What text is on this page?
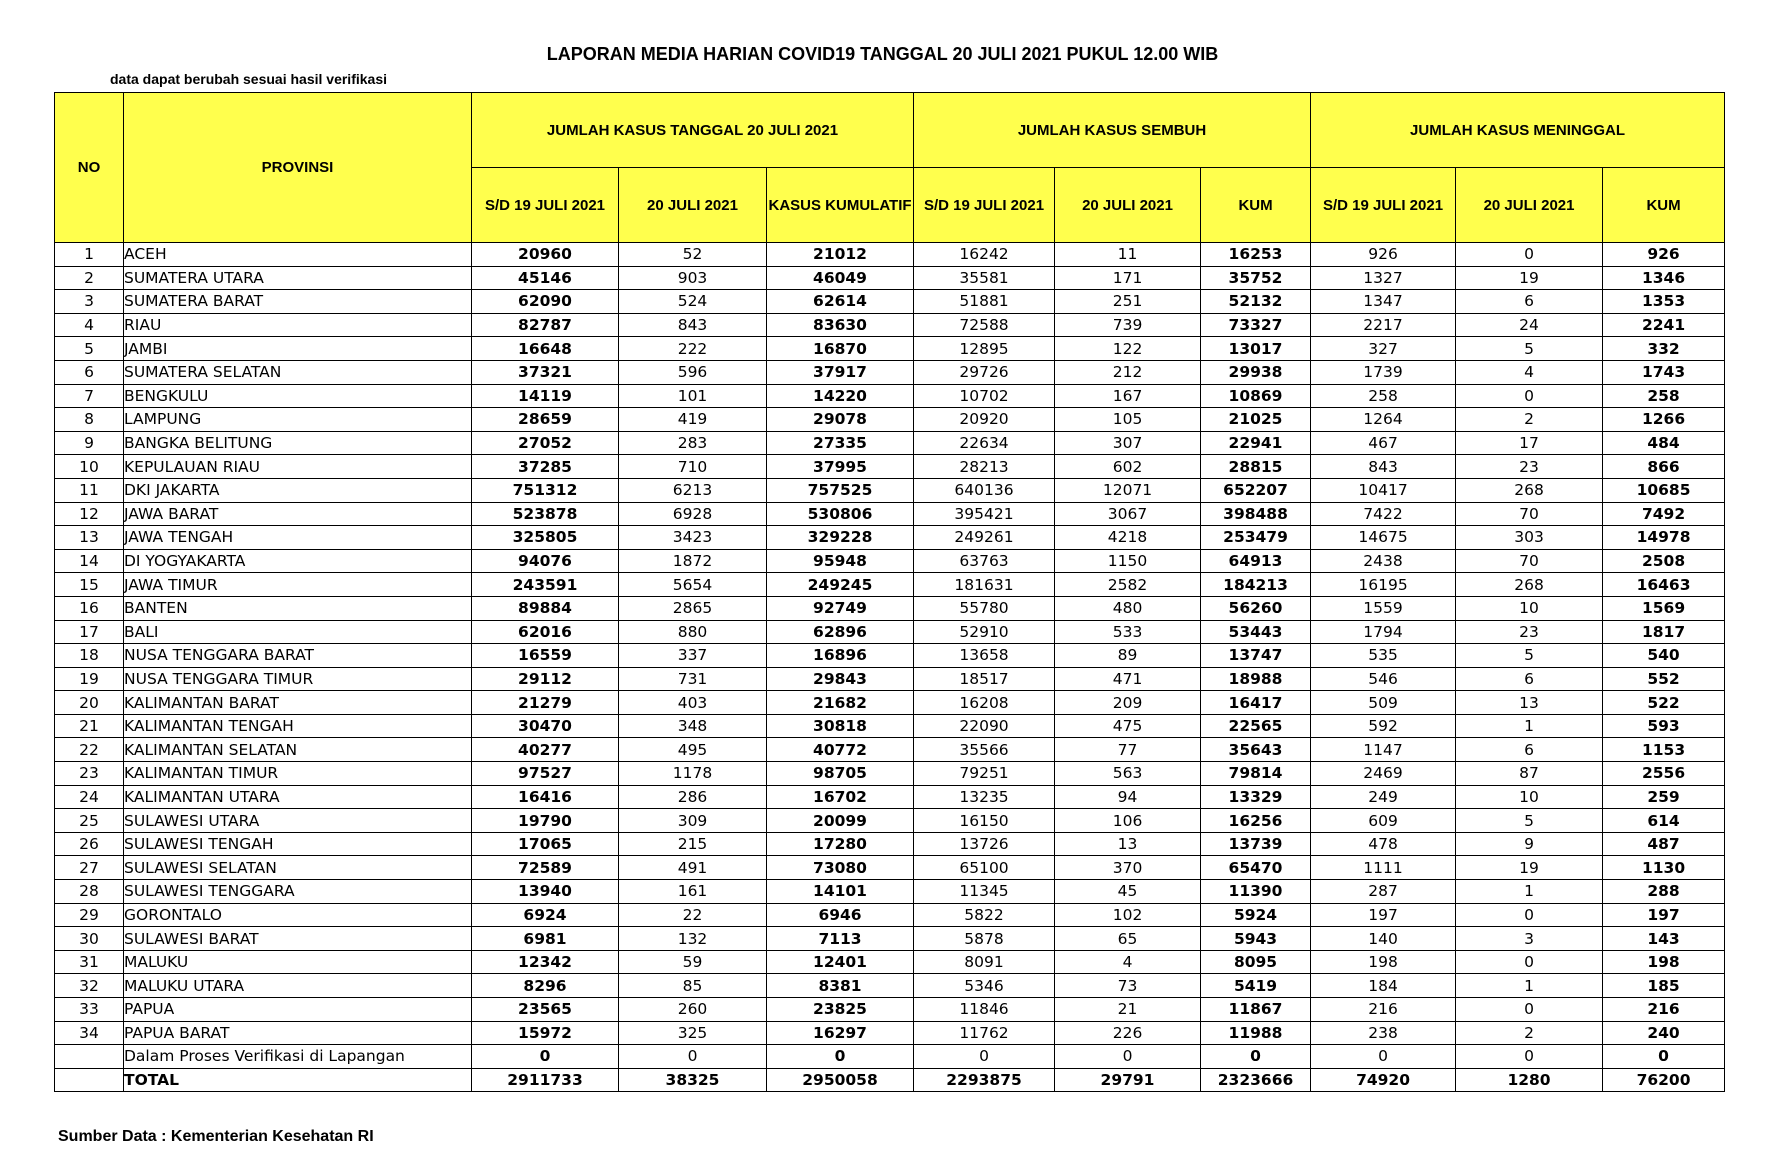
LAPORAN MEDIA HARIAN COVID19 TANGGAL 20 JULI 2021 PUKUL 12.00 WIB
data dapat berubah sesuai hasil verifikasi
NO	PROVINSI	JUMLAH KASUS TANGGAL 20 JULI 2021			JUMLAH KASUS SEMBUH			JUMLAH KASUS MENINGGAL		
		S/D 19 JULI 2021	20 JULI 2021	KASUS KUMULATIF	S/D 19 JULI 2021	20 JULI 2021	KUM	S/D 19 JULI 2021	20 JULI 2021	KUM
1	ACEH	20960	52	21012	16242	11	16253	926	0	926
2	SUMATERA UTARA	45146	903	46049	35581	171	35752	1327	19	1346
3	SUMATERA BARAT	62090	524	62614	51881	251	52132	1347	6	1353
4	RIAU	82787	843	83630	72588	739	73327	2217	24	2241
5	JAMBI	16648	222	16870	12895	122	13017	327	5	332
6	SUMATERA SELATAN	37321	596	37917	29726	212	29938	1739	4	1743
7	BENGKULU	14119	101	14220	10702	167	10869	258	0	258
8	LAMPUNG	28659	419	29078	20920	105	21025	1264	2	1266
9	BANGKA BELITUNG	27052	283	27335	22634	307	22941	467	17	484
10	KEPULAUAN RIAU	37285	710	37995	28213	602	28815	843	23	866
11	DKI JAKARTA	751312	6213	757525	640136	12071	652207	10417	268	10685
12	JAWA BARAT	523878	6928	530806	395421	3067	398488	7422	70	7492
13	JAWA TENGAH	325805	3423	329228	249261	4218	253479	14675	303	14978
14	DI YOGYAKARTA	94076	1872	95948	63763	1150	64913	2438	70	2508
15	JAWA TIMUR	243591	5654	249245	181631	2582	184213	16195	268	16463
16	BANTEN	89884	2865	92749	55780	480	56260	1559	10	1569
17	BALI	62016	880	62896	52910	533	53443	1794	23	1817
18	NUSA TENGGARA BARAT	16559	337	16896	13658	89	13747	535	5	540
19	NUSA TENGGARA TIMUR	29112	731	29843	18517	471	18988	546	6	552
20	KALIMANTAN BARAT	21279	403	21682	16208	209	16417	509	13	522
21	KALIMANTAN TENGAH	30470	348	30818	22090	475	22565	592	1	593
22	KALIMANTAN SELATAN	40277	495	40772	35566	77	35643	1147	6	1153
23	KALIMANTAN TIMUR	97527	1178	98705	79251	563	79814	2469	87	2556
24	KALIMANTAN UTARA	16416	286	16702	13235	94	13329	249	10	259
25	SULAWESI UTARA	19790	309	20099	16150	106	16256	609	5	614
26	SULAWESI TENGAH	17065	215	17280	13726	13	13739	478	9	487
27	SULAWESI SELATAN	72589	491	73080	65100	370	65470	1111	19	1130
28	SULAWESI TENGGARA	13940	161	14101	11345	45	11390	287	1	288
29	GORONTALO	6924	22	6946	5822	102	5924	197	0	197
30	SULAWESI BARAT	6981	132	7113	5878	65	5943	140	3	143
31	MALUKU	12342	59	12401	8091	4	8095	198	0	198
32	MALUKU UTARA	8296	85	8381	5346	73	5419	184	1	185
33	PAPUA	23565	260	23825	11846	21	11867	216	0	216
34	PAPUA BARAT	15972	325	16297	11762	226	11988	238	2	240
	Dalam Proses Verifikasi di Lapangan	0	0	0	0	0	0	0	0	0
	TOTAL	2911733	38325	2950058	2293875	29791	2323666	74920	1280	76200
Sumber Data : Kementerian Kesehatan RI
